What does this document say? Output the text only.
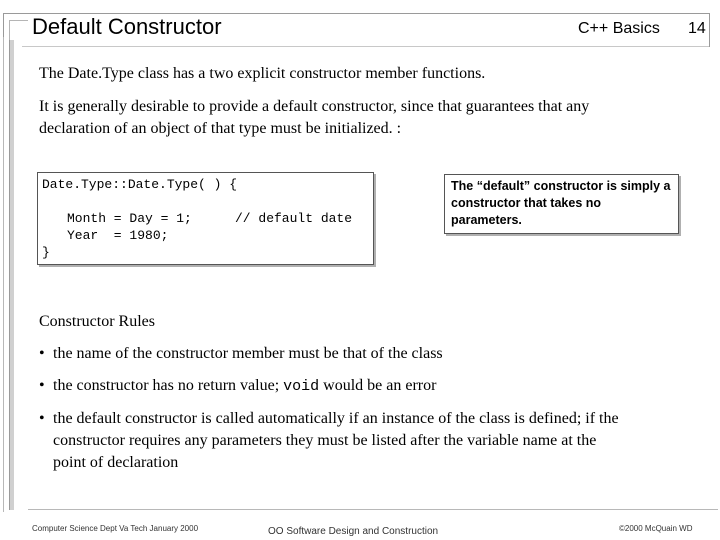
Default Constructor	C++ Basics 14
The Date.Type class has a two explicit constructor member functions.
It is generally desirable to provide a default constructor, since that guarantees that any
declaration of an object of that type must be initialized. :
Date.Type::Date.Type( ) {
Month = Day = 1;	// default date
Year  = 1980;
}
The “default” constructor is simply a constructor that takes no parameters.
Constructor Rules
• the name of the constructor member must be that of the class
• the constructor has no return value; void would be an error
• the default constructor is called automatically if an instance of the class is defined; if the
constructor requires any parameters they must be listed after the variable name at the
point of declaration
Computer Science Dept Va Tech January 2000	OO Software Design and Construction	©2000 McQuain WD
